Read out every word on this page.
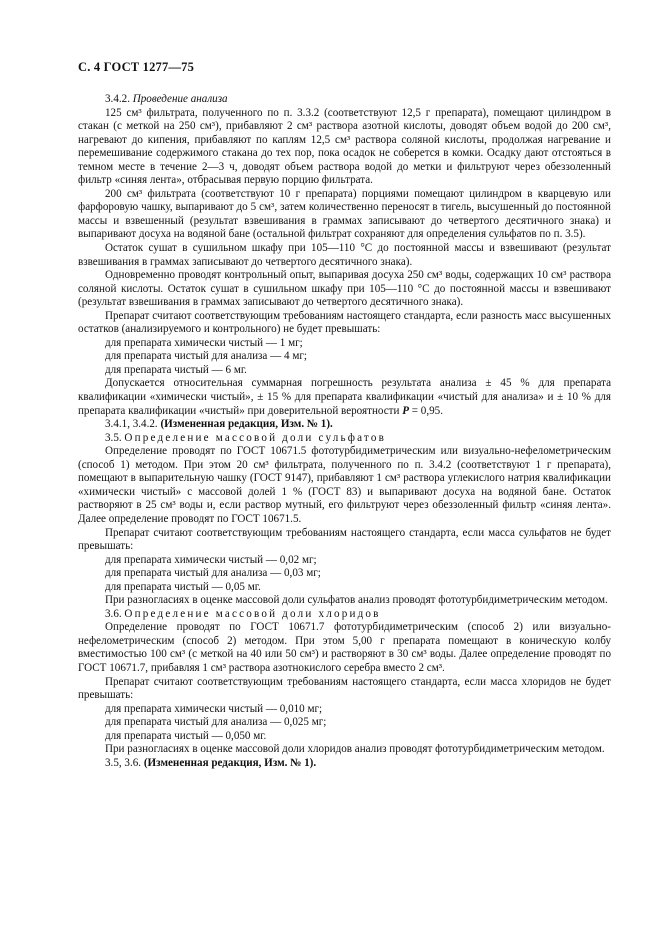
С. 4 ГОСТ 1277—75

3.4.2. Проведение анализа

125 см³ фильтрата, полученного по п. 3.3.2 (соответствуют 12,5 г препарата), помещают цилиндром в стакан (с меткой на 250 см³), прибавляют 2 см³ раствора азотной кислоты, доводят объем водой до 200 см³, нагревают до кипения, прибавляют по каплям 12,5 см³ раствора соляной кислоты, продолжая нагревание и перемешивание содержимого стакана до тех пор, пока осадок не соберется в комки. Осадку дают отстояться в темном месте в течение 2—3 ч, доводят объем раствора водой до метки и фильтруют через обеззоленный фильтр «синяя лента», отбрасывая первую порцию фильтрата.

200 см³ фильтрата (соответствуют 10 г препарата) порциями помещают цилиндром в кварцевую или фарфоровую чашку, выпаривают до 5 см³, затем количественно переносят в тигель, высушенный до постоянной массы и взвешенный (результат взвешивания в граммах записывают до четвертого десятичного знака) и выпаривают досуха на водяной бане (остальной фильтрат сохраняют для определения сульфатов по п. 3.5).

Остаток сушат в сушильном шкафу при 105—110 °С до постоянной массы и взвешивают (результат взвешивания в граммах записывают до четвертого десятичного знака).

Одновременно проводят контрольный опыт, выпаривая досуха 250 см³ воды, содержащих 10 см³ раствора соляной кислоты. Остаток сушат в сушильном шкафу при 105—110 °С до постоянной массы и взвешивают (результат взвешивания в граммах записывают до четвертого десятичного знака).

Препарат считают соответствующим требованиям настоящего стандарта, если разность масс высушенных остатков (анализируемого и контрольного) не будет превышать:

для препарата химически чистый — 1 мг;

для препарата чистый для анализа — 4 мг;

для препарата чистый — 6 мг.

Допускается относительная суммарная погрешность результата анализа ± 45 % для препарата квалификации «химически чистый», ± 15 % для препарата квалификации «чистый для анализа» и ± 10 % для препарата квалификации «чистый» при доверительной вероятности Р = 0,95.

3.4.1, 3.4.2. (Измененная редакция, Изм. № 1).

3.5. Определение массовой доли сульфатов

Определение проводят по ГОСТ 10671.5 фототурбидиметрическим или визуально-нефелометрическим (способ 1) методом. При этом 20 см³ фильтрата, полученного по п. 3.4.2 (соответствуют 1 г препарата), помещают в выпарительную чашку (ГОСТ 9147), прибавляют 1 см³ раствора углекислого натрия квалификации «химически чистый» с массовой долей 1 % (ГОСТ 83) и выпаривают досуха на водяной бане. Остаток растворяют в 25 см³ воды и, если раствор мутный, его фильтруют через обеззоленный фильтр «синяя лента». Далее определение проводят по ГОСТ 10671.5.

Препарат считают соответствующим требованиям настоящего стандарта, если масса сульфатов не будет превышать:

для препарата химически чистый — 0,02 мг;

для препарата чистый для анализа — 0,03 мг;

для препарата чистый — 0,05 мг.

При разногласиях в оценке массовой доли сульфатов анализ проводят фототурбидиметрическим методом.

3.6. Определение массовой доли хлоридов

Определение проводят по ГОСТ 10671.7 фототурбидиметрическим (способ 2) или визуально-нефелометрическим (способ 2) методом. При этом 5,00 г препарата помещают в коническую колбу вместимостью 100 см³ (с меткой на 40 или 50 см³) и растворяют в 30 см³ воды. Далее определение проводят по ГОСТ 10671.7, прибавляя 1 см³ раствора азотнокислого серебра вместо 2 см³.

Препарат считают соответствующим требованиям настоящего стандарта, если масса хлоридов не будет превышать:

для препарата химически чистый — 0,010 мг;

для препарата чистый для анализа — 0,025 мг;

для препарата чистый — 0,050 мг.

При разногласиях в оценке массовой доли хлоридов анализ проводят фототурбидиметрическим методом.

3.5, 3.6. (Измененная редакция, Изм. № 1).
